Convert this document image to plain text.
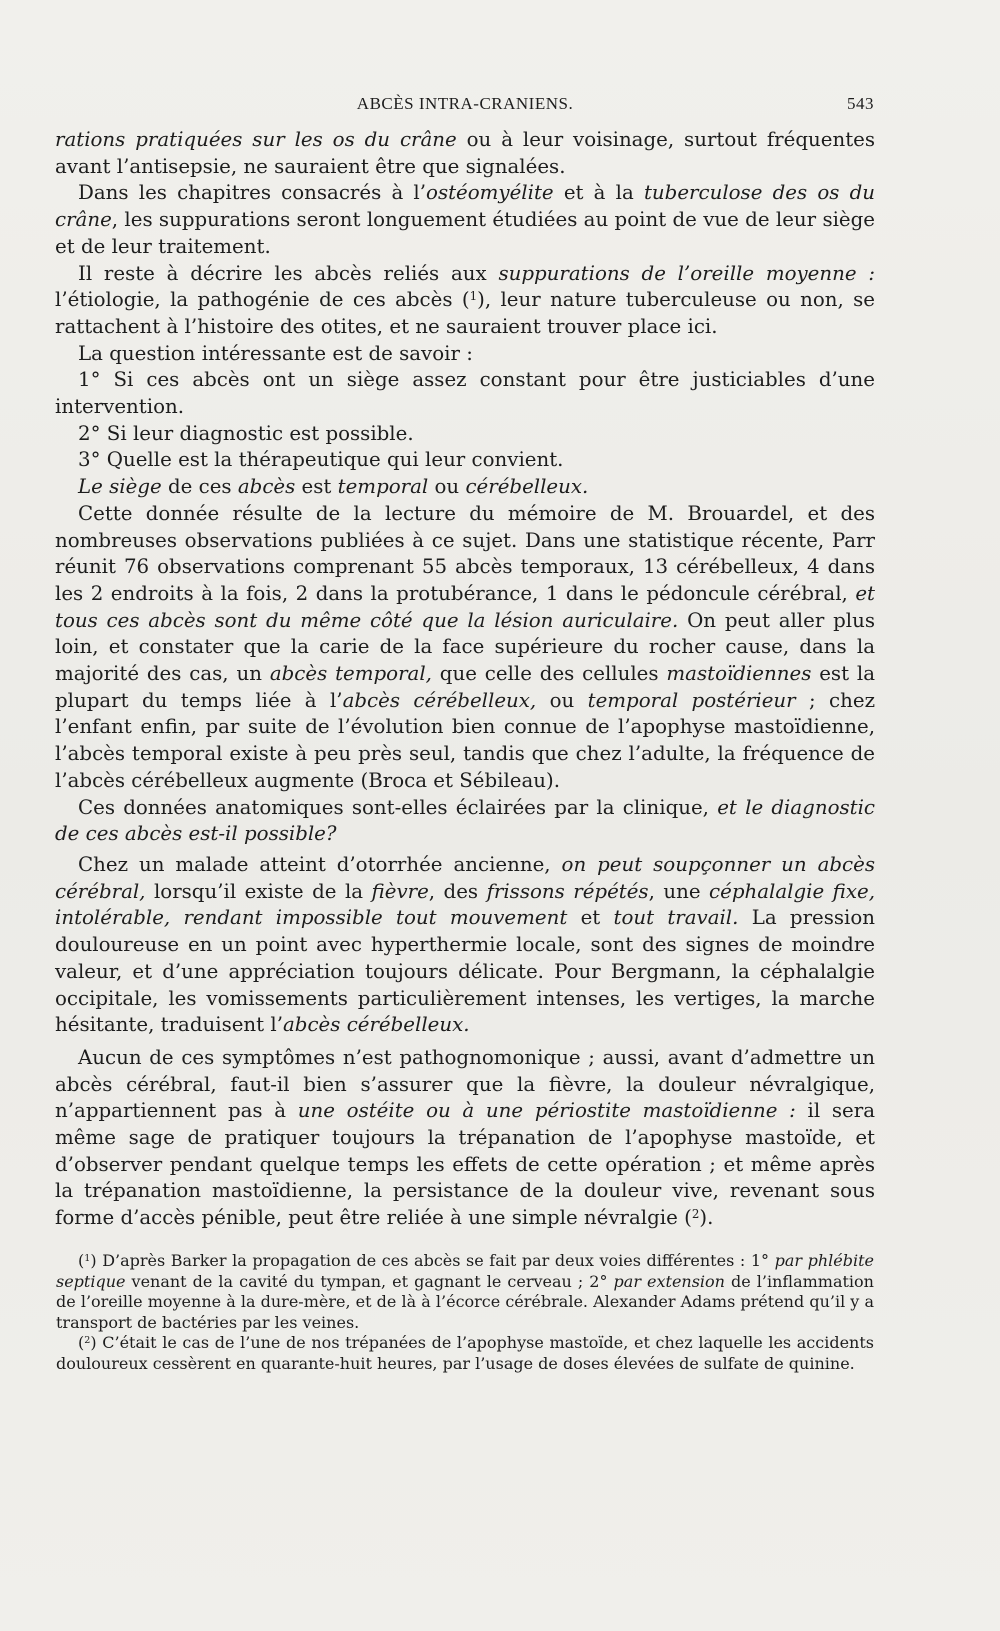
ABCÈS INTRA-CRANIENS.	543

rations pratiquées sur les os du crâne ou à leur voisinage, surtout fréquentes avant l’antisepsie, ne sauraient être que signalées.

Dans les chapitres consacrés à l’ostéomyélite et à la tuberculose des os du crâne, les suppurations seront longuement étudiées au point de vue de leur siège et de leur traitement.

Il reste à décrire les abcès reliés aux suppurations de l’oreille moyenne : l’étiologie, la pathogénie de ces abcès ($^1$), leur nature tuberculeuse ou non, se rattachent à l’histoire des otites, et ne sauraient trouver place ici.

La question intéressante est de savoir :

1° Si ces abcès ont un siège assez constant pour être justiciables d’une intervention.

2° Si leur diagnostic est possible.

3° Quelle est la thérapeutique qui leur convient.

Le siège de ces abcès est temporal ou cérébelleux.

Cette donnée résulte de la lecture du mémoire de M. Brouardel, et des nombreuses observations publiées à ce sujet. Dans une statistique récente, Parr réunit 76 observations comprenant 55 abcès temporaux, 13 cérébelleux, 4 dans les 2 endroits à la fois, 2 dans la protubérance, 1 dans le pédoncule cérébral, et tous ces abcès sont du même côté que la lésion auriculaire. On peut aller plus loin, et constater que la carie de la face supérieure du rocher cause, dans la majorité des cas, un abcès temporal, que celle des cellules mastoïdiennes est la plupart du temps liée à l’abcès cérébelleux, ou temporal postérieur ; chez l’enfant enfin, par suite de l’évolution bien connue de l’apophyse mastoïdienne, l’abcès temporal existe à peu près seul, tandis que chez l’adulte, la fréquence de l’abcès cérébelleux augmente (Broca et Sébileau).

Ces données anatomiques sont-elles éclairées par la clinique, et le diagnostic de ces abcès est-il possible?

Chez un malade atteint d’otorrhée ancienne, on peut soupçonner un abcès cérébral, lorsqu’il existe de la fièvre, des frissons répétés, une céphalalgie fixe, intolérable, rendant impossible tout mouvement et tout travail. La pression douloureuse en un point avec hyperthermie locale, sont des signes de moindre valeur, et d’une appréciation toujours délicate. Pour Bergmann, la céphalalgie occipitale, les vomissements particulièrement intenses, les vertiges, la marche hésitante, traduisent l’abcès cérébelleux.

Aucun de ces symptômes n’est pathognomonique ; aussi, avant d’admettre un abcès cérébral, faut-il bien s’assurer que la fièvre, la douleur névralgique, n’appartiennent pas à une ostéite ou à une périostite mastoïdienne : il sera même sage de pratiquer toujours la trépanation de l’apophyse mastoïde, et d’observer pendant quelque temps les effets de cette opération ; et même après la trépanation mastoïdienne, la persistance de la douleur vive, revenant sous forme d’accès pénible, peut être reliée à une simple névralgie ($^2$).

($^1$) D’après Barker la propagation de ces abcès se fait par deux voies différentes : 1° par phlébite septique venant de la cavité du tympan, et gagnant le cerveau ; 2° par extension de l’inflammation de l’oreille moyenne à la dure-mère, et de là à l’écorce cérébrale. Alexander Adams prétend qu’il y a transport de bactéries par les veines.

($^2$) C’était le cas de l’une de nos trépanées de l’apophyse mastoïde, et chez laquelle les accidents douloureux cessèrent en quarante-huit heures, par l’usage de doses élevées de sulfate de quinine.
